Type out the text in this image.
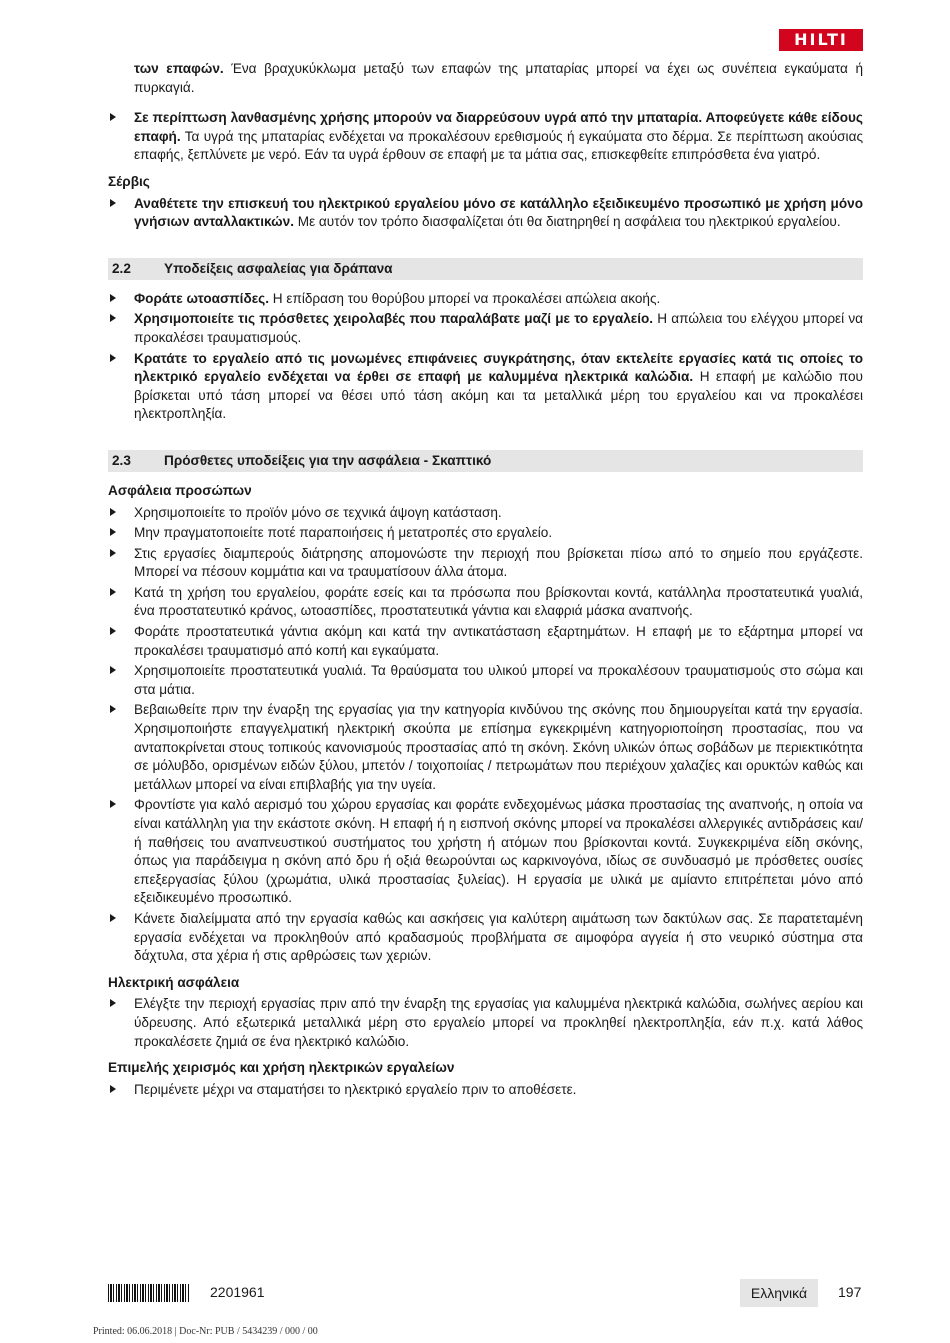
HILTI

των επαφών. Ένα βραχυκύκλωμα μεταξύ των επαφών της μπαταρίας μπορεί να έχει ως συνέπεια εγκαύματα ή πυρκαγιά.

Σε περίπτωση λανθασμένης χρήσης μπορούν να διαρρεύσουν υγρά από την μπαταρία. Αποφεύγετε κάθε είδους επαφή. Τα υγρά της μπαταρίας ενδέχεται να προκαλέσουν ερεθισμούς ή εγκαύματα στο δέρμα. Σε περίπτωση ακούσιας επαφής, ξεπλύνετε με νερό. Εάν τα υγρά έρθουν σε επαφή με τα μάτια σας, επισκεφθείτε επιπρόσθετα ένα γιατρό.
Σέρβις
Αναθέτετε την επισκευή του ηλεκτρικού εργαλείου μόνο σε κατάλληλο εξειδικευμένο προσωπικό με χρήση μόνο γνήσιων ανταλλακτικών. Με αυτόν τον τρόπο διασφαλίζεται ότι θα διατηρηθεί η ασφάλεια του ηλεκτρικού εργαλείου.
2.2	Υποδείξεις ασφαλείας για δράπανα
Φοράτε ωτοασπίδες. Η επίδραση του θορύβου μπορεί να προκαλέσει απώλεια ακοής.
Χρησιμοποιείτε τις πρόσθετες χειρολαβές που παραλάβατε μαζί με το εργαλείο. Η απώλεια του ελέγχου μπορεί να προκαλέσει τραυματισμούς.
Κρατάτε το εργαλείο από τις μονωμένες επιφάνειες συγκράτησης, όταν εκτελείτε εργασίες κατά τις οποίες το ηλεκτρικό εργαλείο ενδέχεται να έρθει σε επαφή με καλυμμένα ηλεκτρικά καλώδια. Η επαφή με καλώδιο που βρίσκεται υπό τάση μπορεί να θέσει υπό τάση ακόμη και τα μεταλλικά μέρη του εργαλείου και να προκαλέσει ηλεκτροπληξία.
2.3	Πρόσθετες υποδείξεις για την ασφάλεια - Σκαπτικό
Ασφάλεια προσώπων
Χρησιμοποιείτε το προϊόν μόνο σε τεχνικά άψογη κατάσταση.
Μην πραγματοποιείτε ποτέ παραποιήσεις ή μετατροπές στο εργαλείο.
Στις εργασίες διαμπερούς διάτρησης απομονώστε την περιοχή που βρίσκεται πίσω από το σημείο που εργάζεστε. Μπορεί να πέσουν κομμάτια και να τραυματίσουν άλλα άτομα.
Κατά τη χρήση του εργαλείου, φοράτε εσείς και τα πρόσωπα που βρίσκονται κοντά, κατάλληλα προστατευτικά γυαλιά, ένα προστατευτικό κράνος, ωτοασπίδες, προστατευτικά γάντια και ελαφριά μάσκα αναπνοής.
Φοράτε προστατευτικά γάντια ακόμη και κατά την αντικατάσταση εξαρτημάτων. Η επαφή με το εξάρτημα μπορεί να προκαλέσει τραυματισμό από κοπή και εγκαύματα.
Χρησιμοποιείτε προστατευτικά γυαλιά. Τα θραύσματα του υλικού μπορεί να προκαλέσουν τραυματισμούς στο σώμα και στα μάτια.
Βεβαιωθείτε πριν την έναρξη της εργασίας για την κατηγορία κινδύνου της σκόνης που δημιουργείται κατά την εργασία. Χρησιμοποιήστε επαγγελματική ηλεκτρική σκούπα με επίσημα εγκεκριμένη κατηγοριοποίηση προστασίας, που να ανταποκρίνεται στους τοπικούς κανονισμούς προστασίας από τη σκόνη. Σκόνη υλικών όπως σοβάδων με περιεκτικότητα σε μόλυβδο, ορισμένων ειδών ξύλου, μπετόν / τοιχοποιίας / πετρωμάτων που περιέχουν χαλαζίες και ορυκτών καθώς και μετάλλων μπορεί να είναι επιβλαβής για την υγεία.
Φροντίστε για καλό αερισμό του χώρου εργασίας και φοράτε ενδεχομένως μάσκα προστασίας της αναπνοής, η οποία να είναι κατάλληλη για την εκάστοτε σκόνη. Η επαφή ή η εισπνοή σκόνης μπορεί να προκαλέσει αλλεργικές αντιδράσεις και/ή παθήσεις του αναπνευστικού συστήματος του χρήστη ή ατόμων που βρίσκονται κοντά. Συγκεκριμένα είδη σκόνης, όπως για παράδειγμα η σκόνη από δρυ ή οξιά θεωρούνται ως καρκινογόνα, ιδίως σε συνδυασμό με πρόσθετες ουσίες επεξεργασίας ξύλου (χρωμάτια, υλικά προστασίας ξυλείας). Η εργασία με υλικά με αμίαντο επιτρέπεται μόνο από εξειδικευμένο προσωπικό.
Κάνετε διαλείμματα από την εργασία καθώς και ασκήσεις για καλύτερη αιμάτωση των δακτύλων σας. Σε παρατεταμένη εργασία ενδέχεται να προκληθούν από κραδασμούς προβλήματα σε αιμοφόρα αγγεία ή στο νευρικό σύστημα στα δάχτυλα, στα χέρια ή στις αρθρώσεις των χεριών.
Ηλεκτρική ασφάλεια
Ελέγξτε την περιοχή εργασίας πριν από την έναρξη της εργασίας για καλυμμένα ηλεκτρικά καλώδια, σωλήνες αερίου και ύδρευσης. Από εξωτερικά μεταλλικά μέρη στο εργαλείο μπορεί να προκληθεί ηλεκτροπληξία, εάν π.χ. κατά λάθος προκαλέσετε ζημιά σε ένα ηλεκτρικό καλώδιο.
Επιμελής χειρισμός και χρήση ηλεκτρικών εργαλείων
Περιμένετε μέχρι να σταματήσει το ηλεκτρικό εργαλείο πριν το αποθέσετε.
2201961	Ελληνικά	197
Printed: 06.06.2018 | Doc-Nr: PUB / 5434239 / 000 / 00
